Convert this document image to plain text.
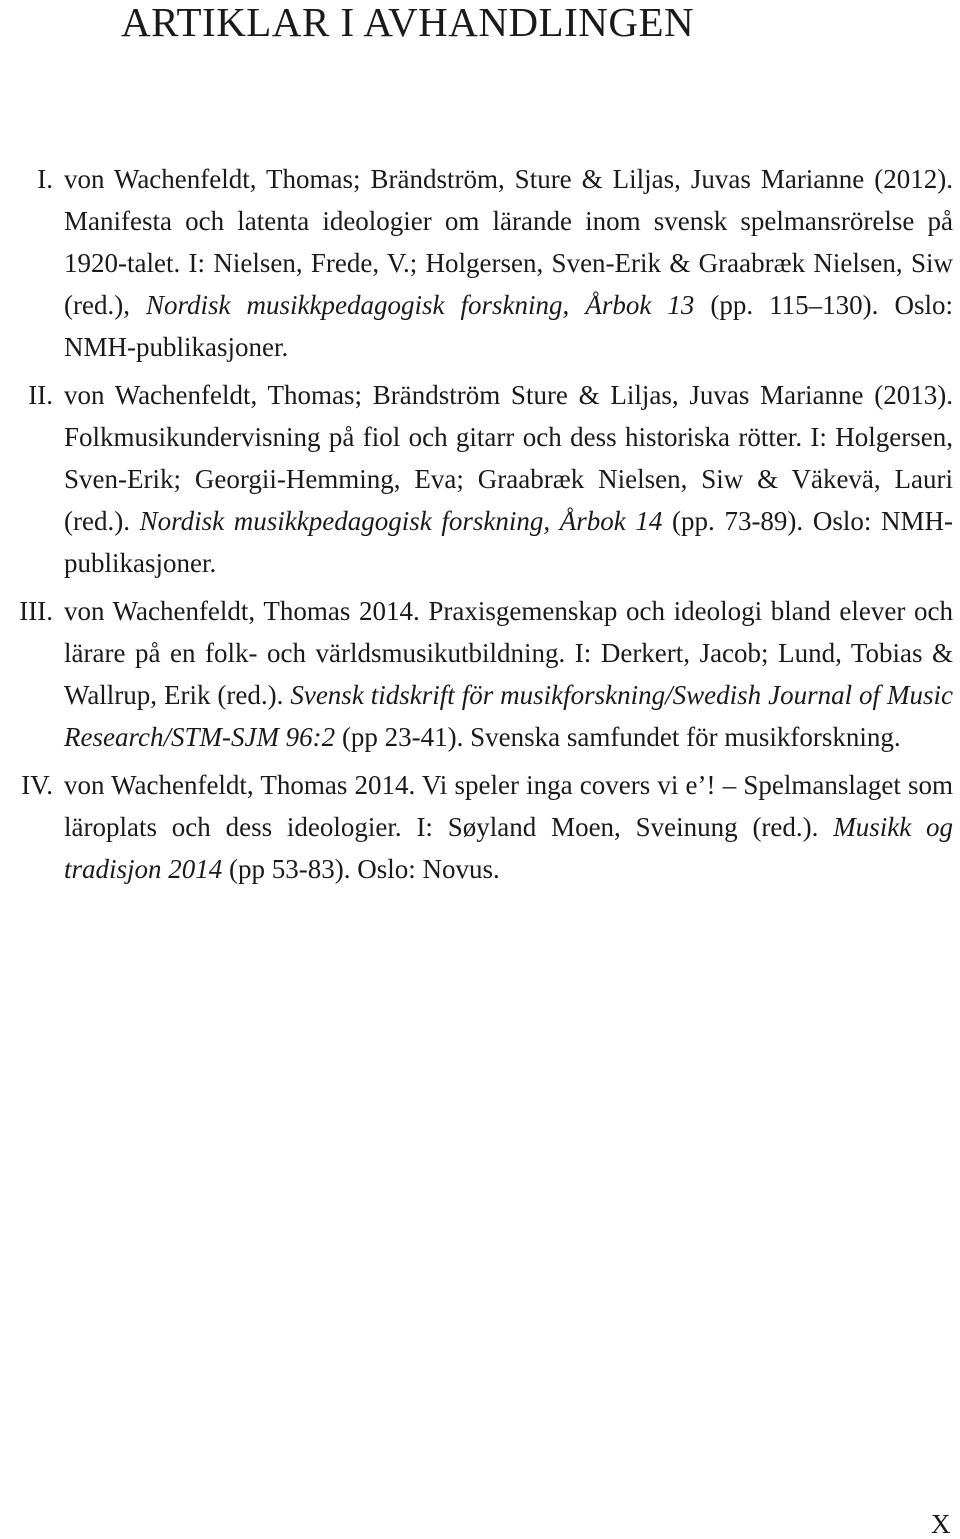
ARTIKLAR I AVHANDLINGEN
I. von Wachenfeldt, Thomas; Brändström, Sture & Liljas, Juvas Marianne (2012). Manifesta och latenta ideologier om lärande inom svensk spelmansrörelse på 1920-talet. I: Nielsen, Frede, V.; Holgersen, Sven-Erik & Graabræk Nielsen, Siw (red.), Nordisk musikkpedagogisk forskning, Årbok 13 (pp. 115–130). Oslo: NMH-publikasjoner.
II. von Wachenfeldt, Thomas; Brändström Sture & Liljas, Juvas Marianne (2013). Folkmusikundervisning på fiol och gitarr och dess historiska rötter. I: Holgersen, Sven-Erik; Georgii-Hemming, Eva; Graabræk Nielsen, Siw & Väkevä, Lauri (red.). Nordisk musikkpedagogisk forskning, Årbok 14 (pp. 73-89). Oslo: NMH-publikasjoner.
III. von Wachenfeldt, Thomas 2014. Praxisgemenskap och ideologi bland elever och lärare på en folk- och världsmusikutbildning. I: Derkert, Jacob; Lund, Tobias & Wallrup, Erik (red.). Svensk tidskrift för musikforskning/Swedish Journal of Music Research/STM-SJM 96:2 (pp 23-41). Svenska samfundet för musikforskning.
IV. von Wachenfeldt, Thomas 2014. Vi speler inga covers vi e’! – Spelmanslaget som läroplats och dess ideologier. I: Søyland Moen, Sveinung (red.). Musikk og tradisjon 2014 (pp 53-83). Oslo: Novus.
X
